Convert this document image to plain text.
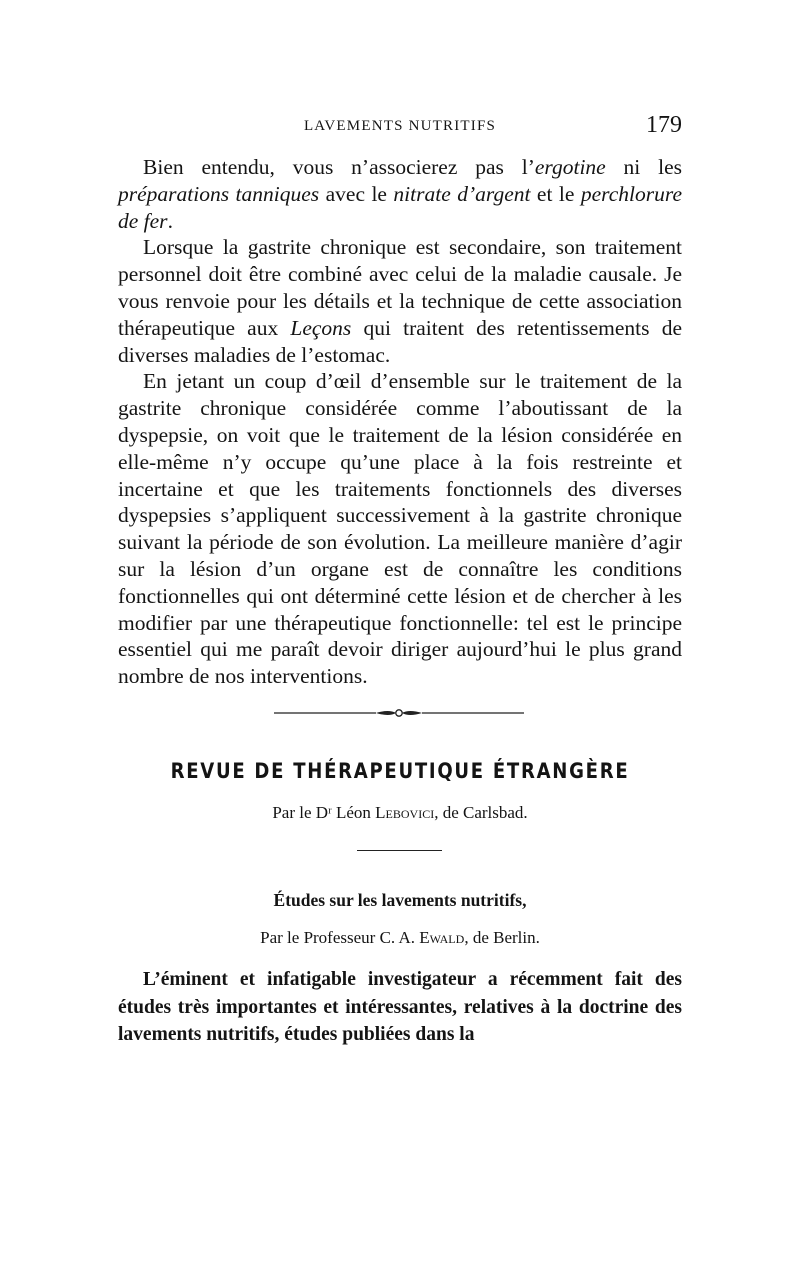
LAVEMENTS NUTRITIFS	179

Bien entendu, vous n’associerez pas l’ergotine ni les préparations tanniques avec le nitrate d’argent et le perchlorure de fer.

Lorsque la gastrite chronique est secondaire, son traitement personnel doit être combiné avec celui de la maladie causale. Je vous renvoie pour les détails et la technique de cette association thérapeutique aux Leçons qui traitent des retentissements de diverses maladies de l’estomac.

En jetant un coup d’œil d’ensemble sur le traitement de la gastrite chronique considérée comme l’aboutissant de la dyspepsie, on voit que le traitement de la lésion considérée en elle-même n’y occupe qu’une place à la fois restreinte et incertaine et que les traitements fonctionnels des diverses dyspepsies s’appliquent successivement à la gastrite chronique suivant la période de son évolution. La meilleure manière d’agir sur la lésion d’un organe est de connaître les conditions fonctionnelles qui ont déterminé cette lésion et de chercher à les modifier par une thérapeutique fonctionnelle: tel est le principe essentiel qui me paraît devoir diriger aujourd’hui le plus grand nombre de nos interventions.

REVUE DE THÉRAPEUTIQUE ÉTRANGÈRE
Par le Dʳ Léon Lebovici, de Carlsbad.
Études sur les lavements nutritifs,
Par le Professeur C. A. Ewald, de Berlin.

L’éminent et infatigable investigateur a récemment fait des études très importantes et intéressantes, relatives à la doctrine des lavements nutritifs, études publiées dans la
